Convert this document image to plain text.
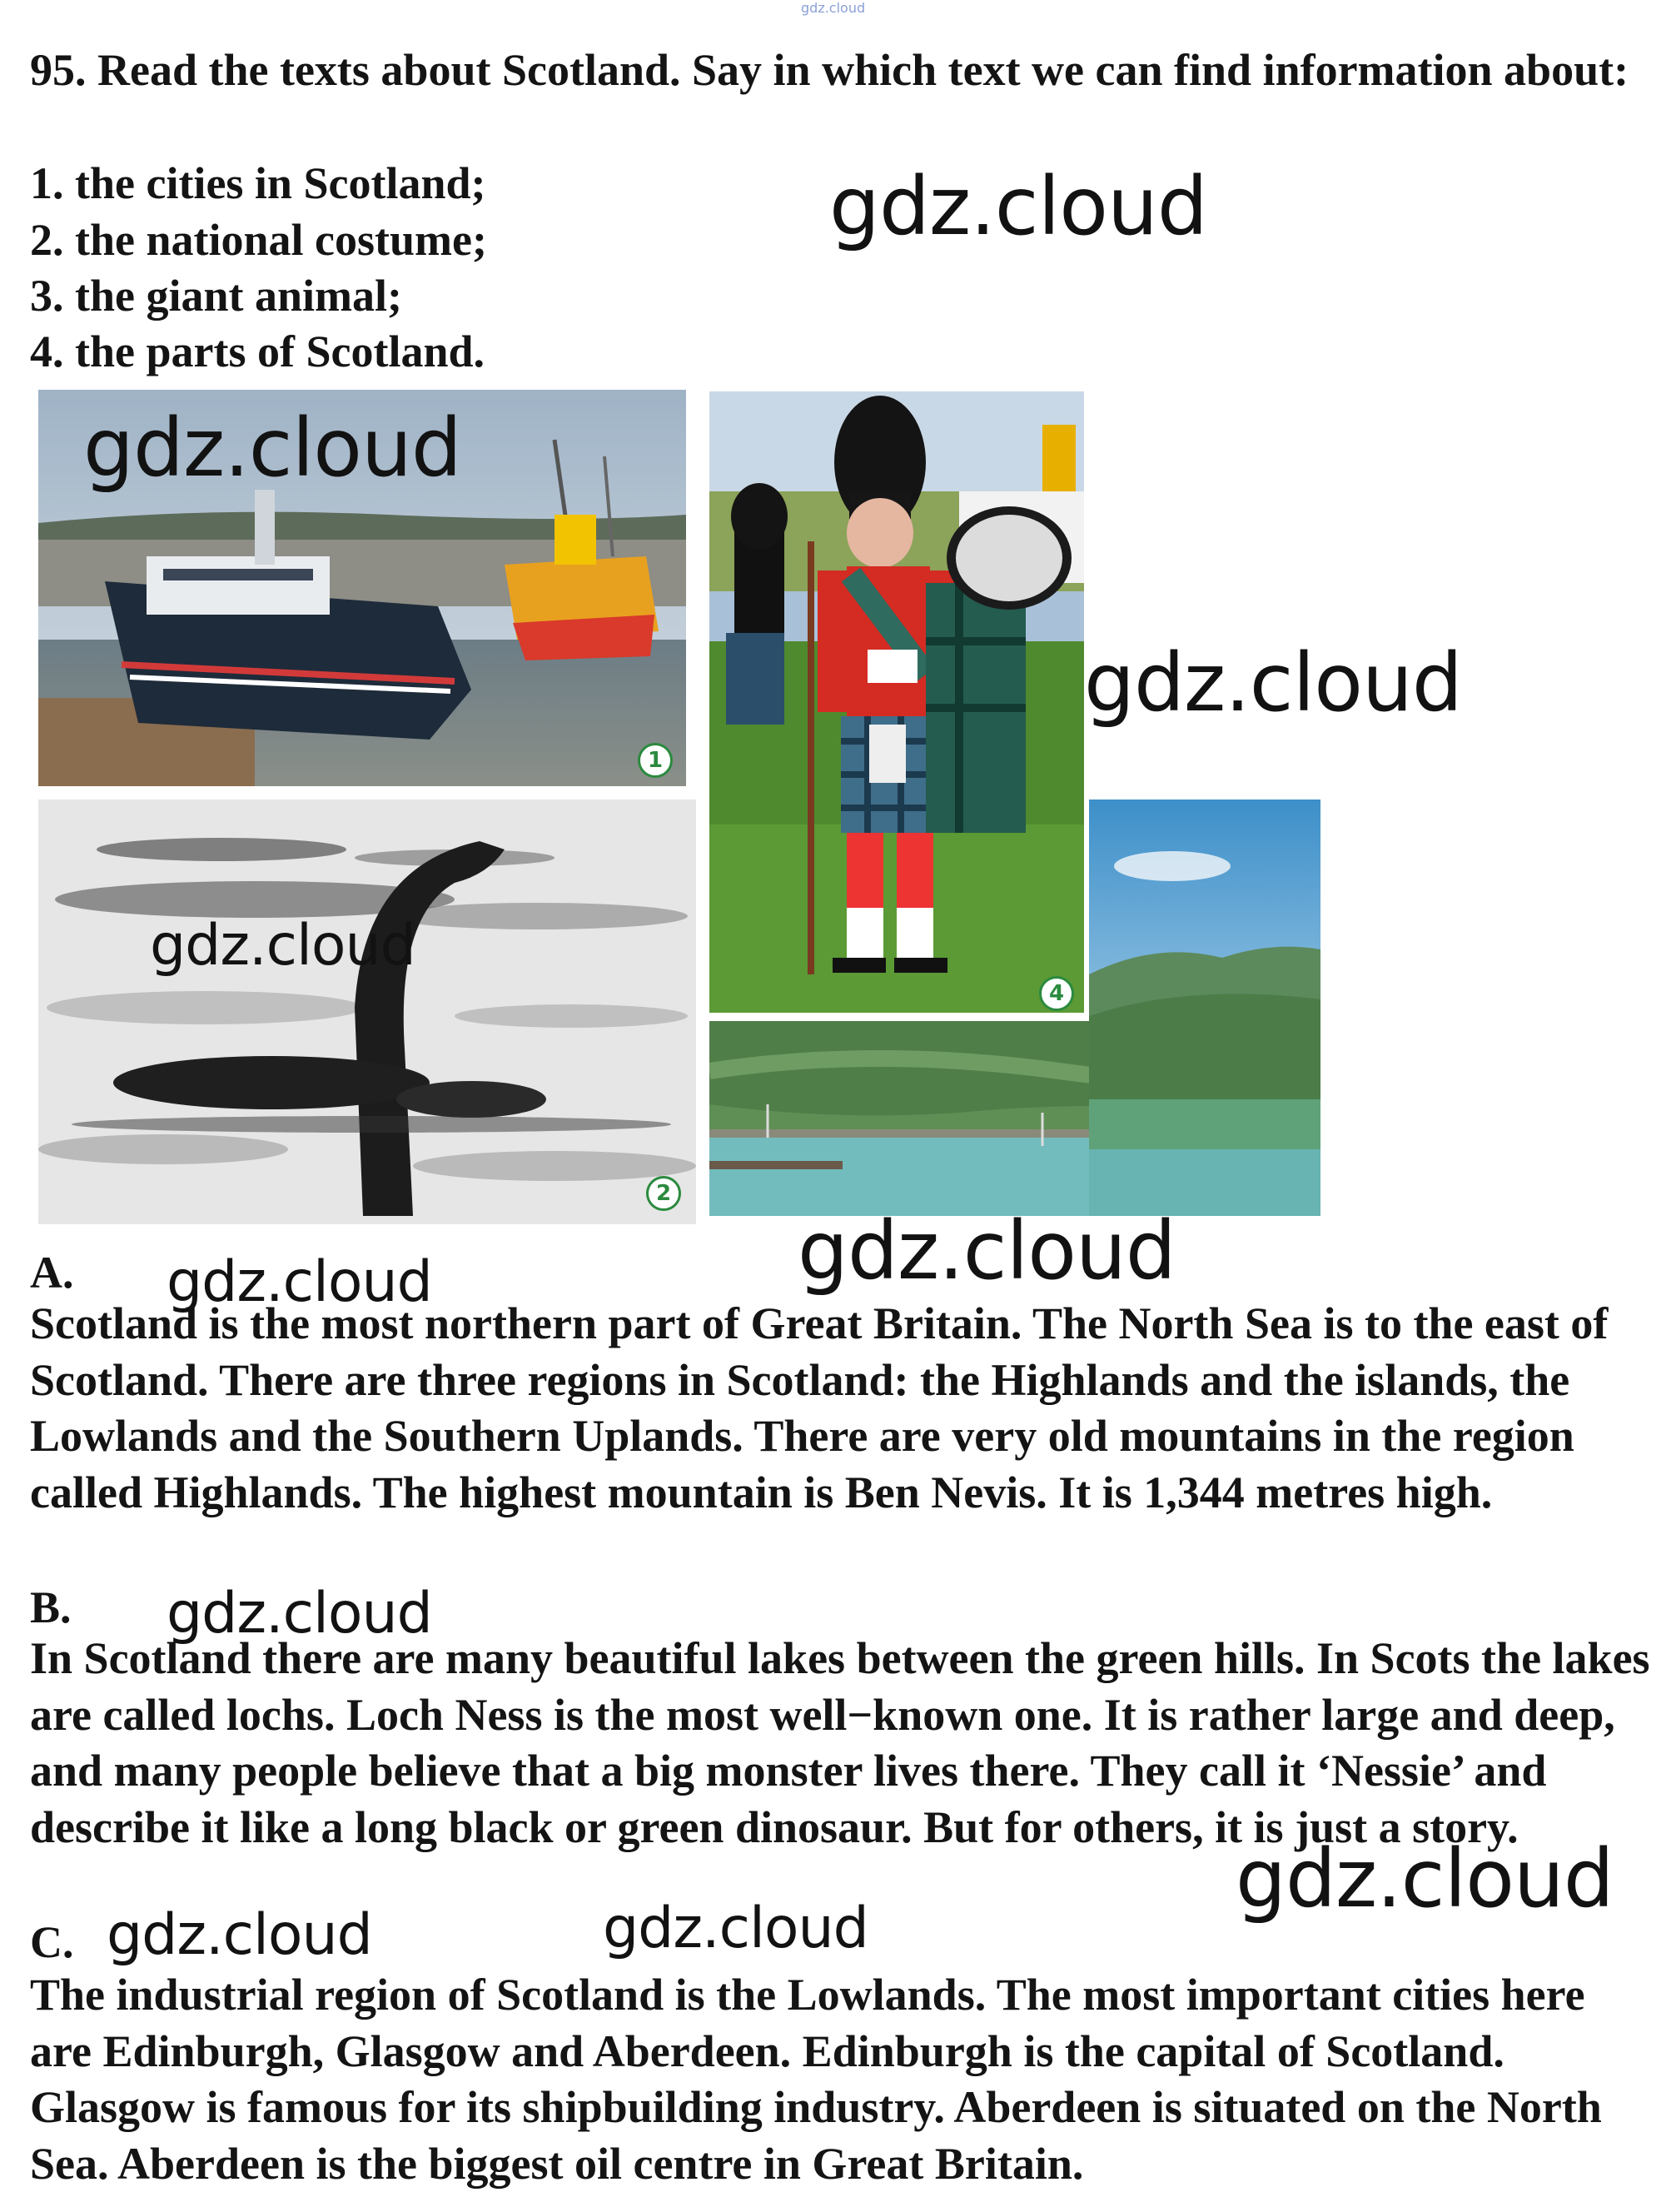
gdz.cloud
95. Read the texts about Scotland. Say in which text we can find information about:
1. the cities in Scotland;
2. the national costume;
3. the giant animal;
4. the parts of Scotland.
1
2
4
A.
Scotland is the most northern part of Great Britain. The North Sea is to the east of Scotland. There are three regions in Scotland: the Highlands and the islands, the Lowlands and the Southern Uplands. There are very old mountains in the region called Highlands. The highest mountain is Ben Nevis. It is 1,344 metres high.
B.
In Scotland there are many beautiful lakes between the green hills. In Scots the lakes are called lochs. Loch Ness is the most well−known one. It is rather large and deep, and many people believe that a big monster lives there. They call it ‘Nessie’ and describe it like a long black or green dinosaur. But for others, it is just a story.
C.
The industrial region of Scotland is the Lowlands. The most important cities here are Edinburgh, Glasgow and Aberdeen. Edinburgh is the capital of Scotland. Glasgow is famous for its shipbuilding industry. Aberdeen is situated on the North Sea. Aberdeen is the biggest oil centre in Great Britain.
gdz.cloud
gdz.cloud
gdz.cloud
gdz.cloud
gdz.cloud
gdz.cloud
gdz.cloud
gdz.cloud
gdz.cloud	gdz.cloud
